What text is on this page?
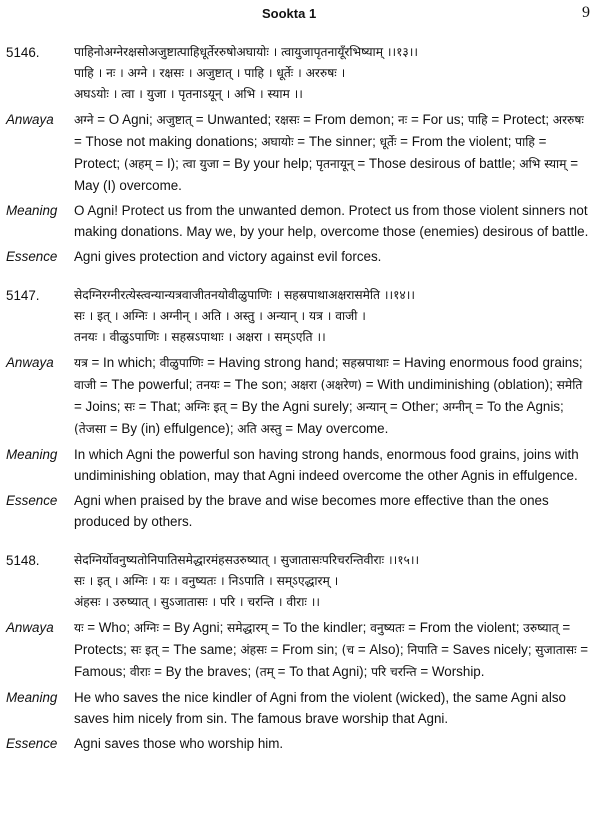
Sookta 1	9
5146.	पाहिनोअग्नेरक्षसोअजुष्टात्पाहिधूर्तेररुषोअघायोः । त्वायुजापृतनायूँरभिष्याम् ।।१३।।
पाहि । नः । अग्ने । रक्षसः । अजुष्टात् । पाहि । धूर्तेः । अररुषः ।
अघऽयोः । त्वा । युजा । पृतनाऽयून् । अभि । स्याम ।।
Anwaya	अग्ने = O Agni; अजुष्टात् = Unwanted; रक्षसः = From demon; नः = For us; पाहि = Protect; अररुषः = Those not making donations; अघायोः = The sinner; धूर्तेः = From the violent; पाहि = Protect; (अहम् = I); त्वा युजा = By your help; पृतनायून् = Those desirous of battle; अभि स्याम् = May (I) overcome.
Meaning	O Agni! Protect us from the unwanted demon. Protect us from those violent sinners not making donations. May we, by your help, overcome those (enemies) desirous of battle.
Essence	Agni gives protection and victory against evil forces.
5147.	सेदग्निरग्नीरत्येस्त्वन्यान्यत्रवाजीतनयोवीळुपाणिः । सहस्रपाथाअक्षरासमेति ।।१४।।
सः । इत् । अग्निः । अग्नीन् । अति । अस्तु । अन्यान् । यत्र । वाजी ।
तनयः । वीळुऽपाणिः । सहस्रऽपाथाः । अक्षरा । सम्ऽएति ।।
Anwaya	यत्र = In which; वीळुपाणिः = Having strong hand; सहस्रपाथाः = Having enormous food grains; वाजी = The powerful; तनयः = The son; अक्षरा (अक्षरेण) = With undiminishing (oblation); समेति = Joins; सः = That; अग्निः इत् = By the Agni surely; अन्यान् = Other; अग्नीन् = To the Agnis; (तेजसा = By (in) effulgence); अति अस्तु = May overcome.
Meaning	In which Agni the powerful son having strong hands, enormous food grains, joins with undiminishing oblation, may that Agni indeed overcome the other Agnis in effulgence.
Essence	Agni when praised by the brave and wise becomes more effective than the ones produced by others.
5148.	सेदग्निर्योवनुष्यतोनिपातिसमेद्धारमंहसउरुष्यात् । सुजातासःपरिचरन्तिवीराः ।।१५।।
सः । इत् । अग्निः । यः । वनुष्यतः । निऽपाति । सम्ऽएद्धारम् ।
अंहसः । उरुष्यात् । सुऽजातासः । परि । चरन्ति । वीराः ।।
Anwaya	यः = Who; अग्निः = By Agni; समेद्धारम् = To the kindler; वनुष्यतः = From the violent; उरुष्यात् = Protects; सः इत् = The same; अंहसः = From sin; (च = Also); निपाति = Saves nicely; सुजातासः = Famous; वीराः = By the braves; (तम् = To that Agni); परि चरन्ति = Worship.
Meaning	He who saves the nice kindler of Agni from the violent (wicked), the same Agni also saves him nicely from sin. The famous brave worship that Agni.
Essence	Agni saves those who worship him.
